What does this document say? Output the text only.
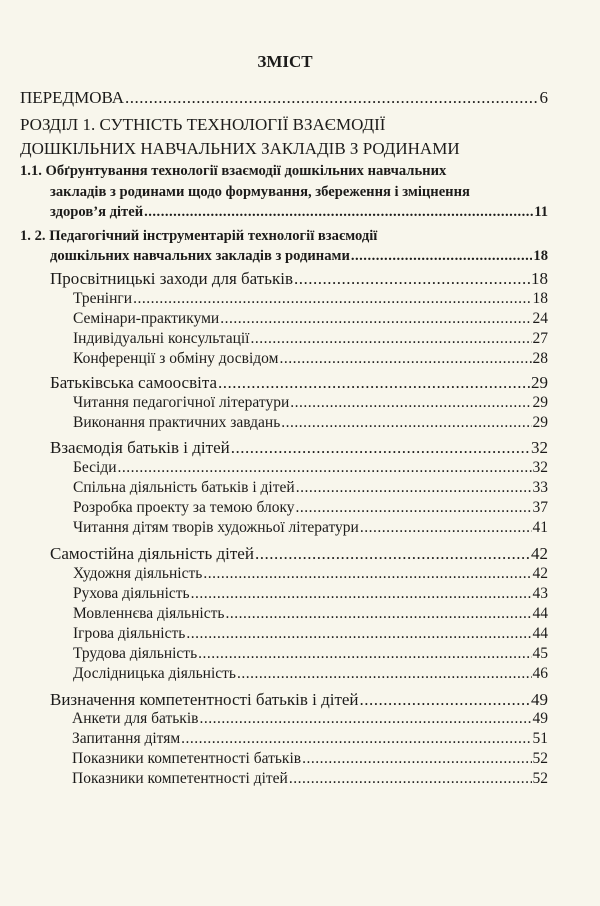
ЗМІСТ
ПЕРЕДМОВА .....	6
РОЗДІЛ 1. СУТНІСТЬ ТЕХНОЛОГІЇ ВЗАЄМОДІЇ
ДОШКІЛЬНИХ НАВЧАЛЬНИХ ЗАКЛАДІВ З РОДИНАМИ
1.1. Обґрунтування технології взаємодії дошкільних навчальних
закладів з родинами щодо формування, збереження і зміцнення
здоров’я дітей .....	11
1. 2. Педагогічний інструментарій технології взаємодії
дошкільних навчальних закладів з родинами .....	18
Просвітницькі заходи для батьків .....	18
Тренінги .....	18
Семінари-практикуми .....	24
Індивідуальні консультації .....	27
Конференції з обміну досвідом .....	28
Батьківська самоосвіта .....	29
Читання педагогічної літератури .....	29
Виконання практичних завдань .....	29
Взаємодія батьків і дітей .....	32
Бесіди .....	32
Спільна діяльність батьків і дітей .....	33
Розробка проекту за темою блоку .....	37
Читання дітям творів художньої літератури .....	41
Самостійна діяльність дітей .....	42
Художня діяльність .....	42
Рухова діяльність .....	43
Мовленнєва діяльність .....	44
Ігрова діяльність .....	44
Трудова діяльність .....	45
Дослідницька діяльність .....	46
Визначення компетентності батьків і дітей .....	49
Анкети для батьків .....	49
Запитання дітям .....	51
Показники компетентності батьків .....	52
Показники компетентності дітей .....	52
